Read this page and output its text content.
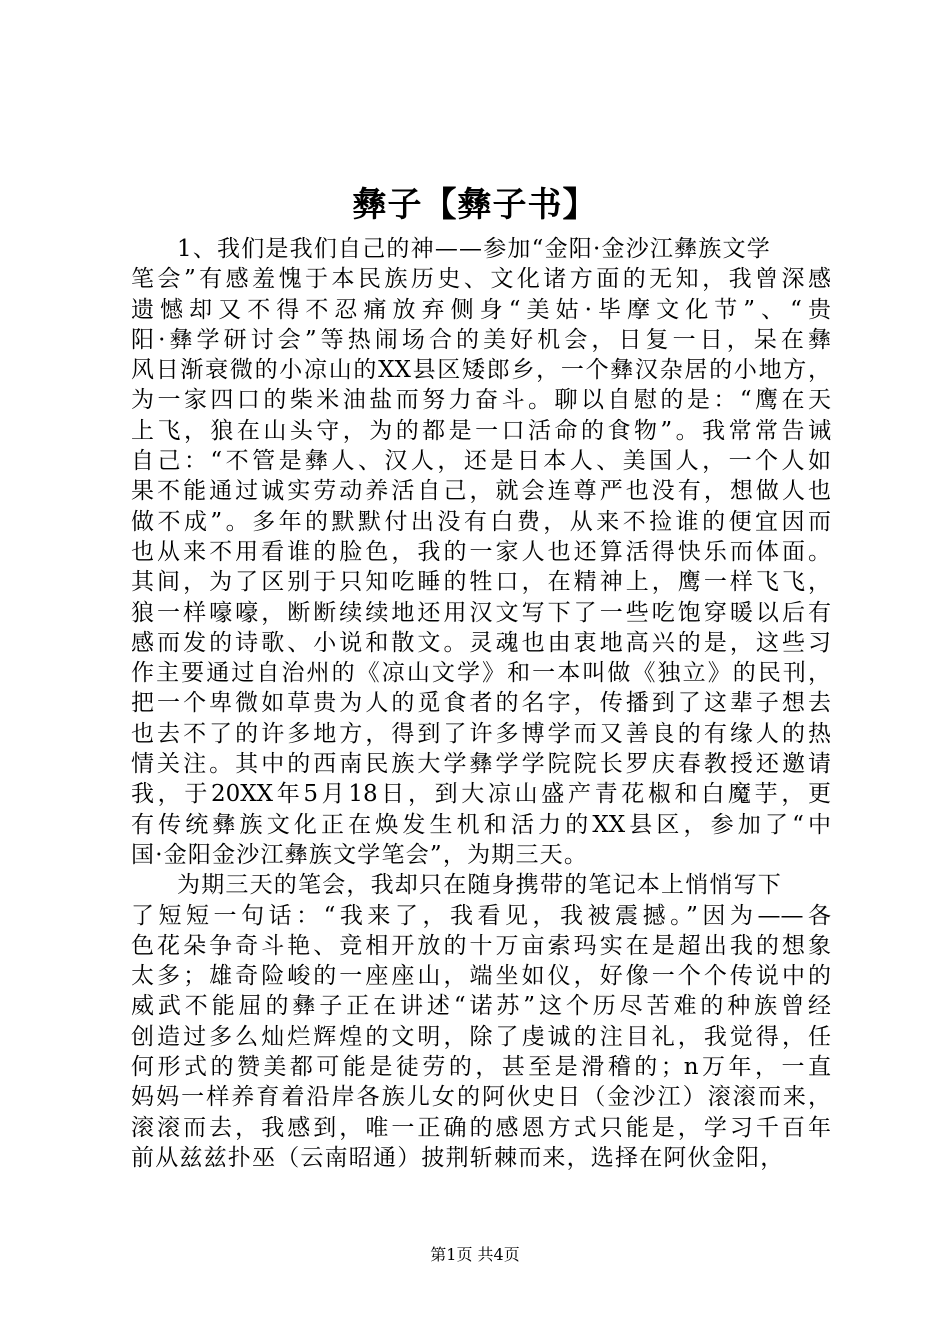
彝子【彝子书】
1、我们是我们自己的神——参加“金阳·金沙江彝族文学
笔会”有感羞愧于本民族历史、文化诸方面的无知，我曾深感
遗憾却又不得不忍痛放弃侧身“美姑·毕摩文化节”、“贵
阳·彝学研讨会”等热闹场合的美好机会，日复一日，呆在彝
风日渐衰微的小凉山的XX县区矮郎乡，一个彝汉杂居的小地方，
为一家四口的柴米油盐而努力奋斗。聊以自慰的是：“鹰在天
上飞，狼在山头守，为的都是一口活命的食物”。我常常告诫
自己：“不管是彝人、汉人，还是日本人、美国人，一个人如
果不能通过诚实劳动养活自己，就会连尊严也没有，想做人也
做不成”。多年的默默付出没有白费，从来不捡谁的便宜因而
也从来不用看谁的脸色，我的一家人也还算活得快乐而体面。
其间，为了区别于只知吃睡的牲口，在精神上，鹰一样飞飞，
狼一样嚎嚎，断断续续地还用汉文写下了一些吃饱穿暖以后有
感而发的诗歌、小说和散文。灵魂也由衷地高兴的是，这些习
作主要通过自治州的《凉山文学》和一本叫做《独立》的民刊，
把一个卑微如草贵为人的觅食者的名字，传播到了这辈子想去
也去不了的许多地方，得到了许多博学而又善良的有缘人的热
情关注。其中的西南民族大学彝学学院院长罗庆春教授还邀请
我，于20XX年5月18日，到大凉山盛产青花椒和白魔芋，更
有传统彝族文化正在焕发生机和活力的XX县区，参加了“中
国·金阳金沙江彝族文学笔会”，为期三天。
为期三天的笔会，我却只在随身携带的笔记本上悄悄写下
了短短一句话：“我来了，我看见，我被震撼。”因为——各
色花朵争奇斗艳、竞相开放的十万亩索玛实在是超出我的想象
太多；雄奇险峻的一座座山，端坐如仪，好像一个个传说中的
威武不能屈的彝子正在讲述“诺苏”这个历尽苦难的种族曾经
创造过多么灿烂辉煌的文明，除了虔诚的注目礼，我觉得，任
何形式的赞美都可能是徒劳的，甚至是滑稽的；n万年，一直
妈妈一样养育着沿岸各族儿女的阿伙史日（金沙江）滚滚而来，
滚滚而去，我感到，唯一正确的感恩方式只能是，学习千百年
前从兹兹扑巫（云南昭通）披荆斩棘而来，选择在阿伙金阳，
第1页 共4页
